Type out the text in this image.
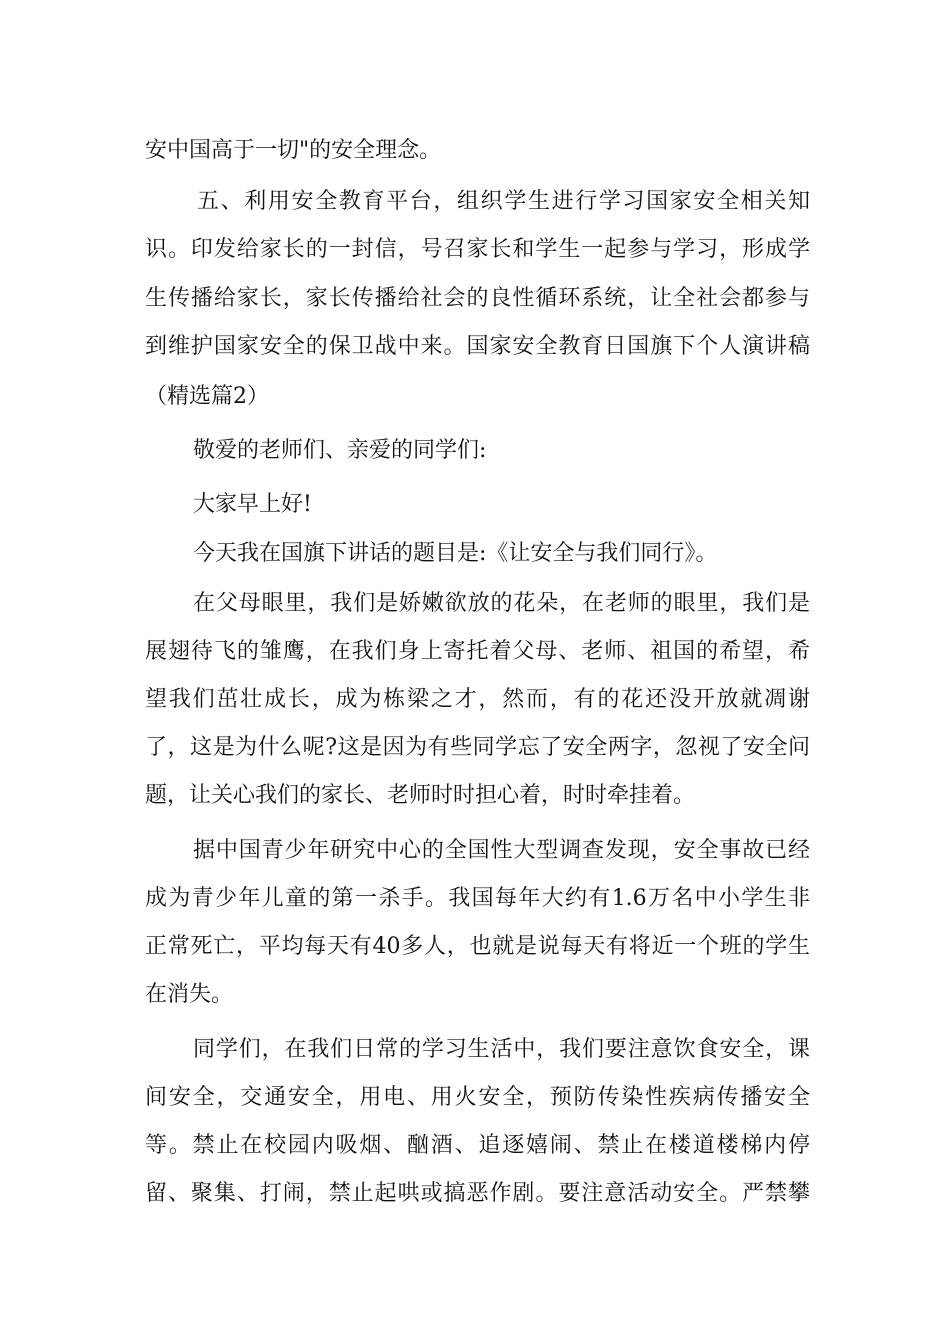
安中国高于一切"的安全理念。
五、利用安全教育平台，组织学生进行学习国家安全相关知
识。印发给家长的一封信，号召家长和学生一起参与学习，形成学
生传播给家长，家长传播给社会的良性循环系统，让全社会都参与
到维护国家安全的保卫战中来。国家安全教育日国旗下个人演讲稿
（精选篇2）
敬爱的老师们、亲爱的同学们:
大家早上好!
今天我在国旗下讲话的题目是:《让安全与我们同行》。
在父母眼里，我们是娇嫩欲放的花朵，在老师的眼里，我们是
展翅待飞的雏鹰，在我们身上寄托着父母、老师、祖国的希望，希
望我们茁壮成长，成为栋梁之才，然而，有的花还没开放就凋谢
了，这是为什么呢?这是因为有些同学忘了安全两字，忽视了安全问
题，让关心我们的家长、老师时时担心着，时时牵挂着。
据中国青少年研究中心的全国性大型调查发现，安全事故已经
成为青少年儿童的第一杀手。我国每年大约有1.6万名中小学生非
正常死亡，平均每天有40多人，也就是说每天有将近一个班的学生
在消失。
同学们，在我们日常的学习生活中，我们要注意饮食安全，课
间安全，交通安全，用电、用火安全，预防传染性疾病传播安全
等。禁止在校园内吸烟、酗酒、追逐嬉闹、禁止在楼道楼梯内停
留、聚集、打闹，禁止起哄或搞恶作剧。要注意活动安全。严禁攀
